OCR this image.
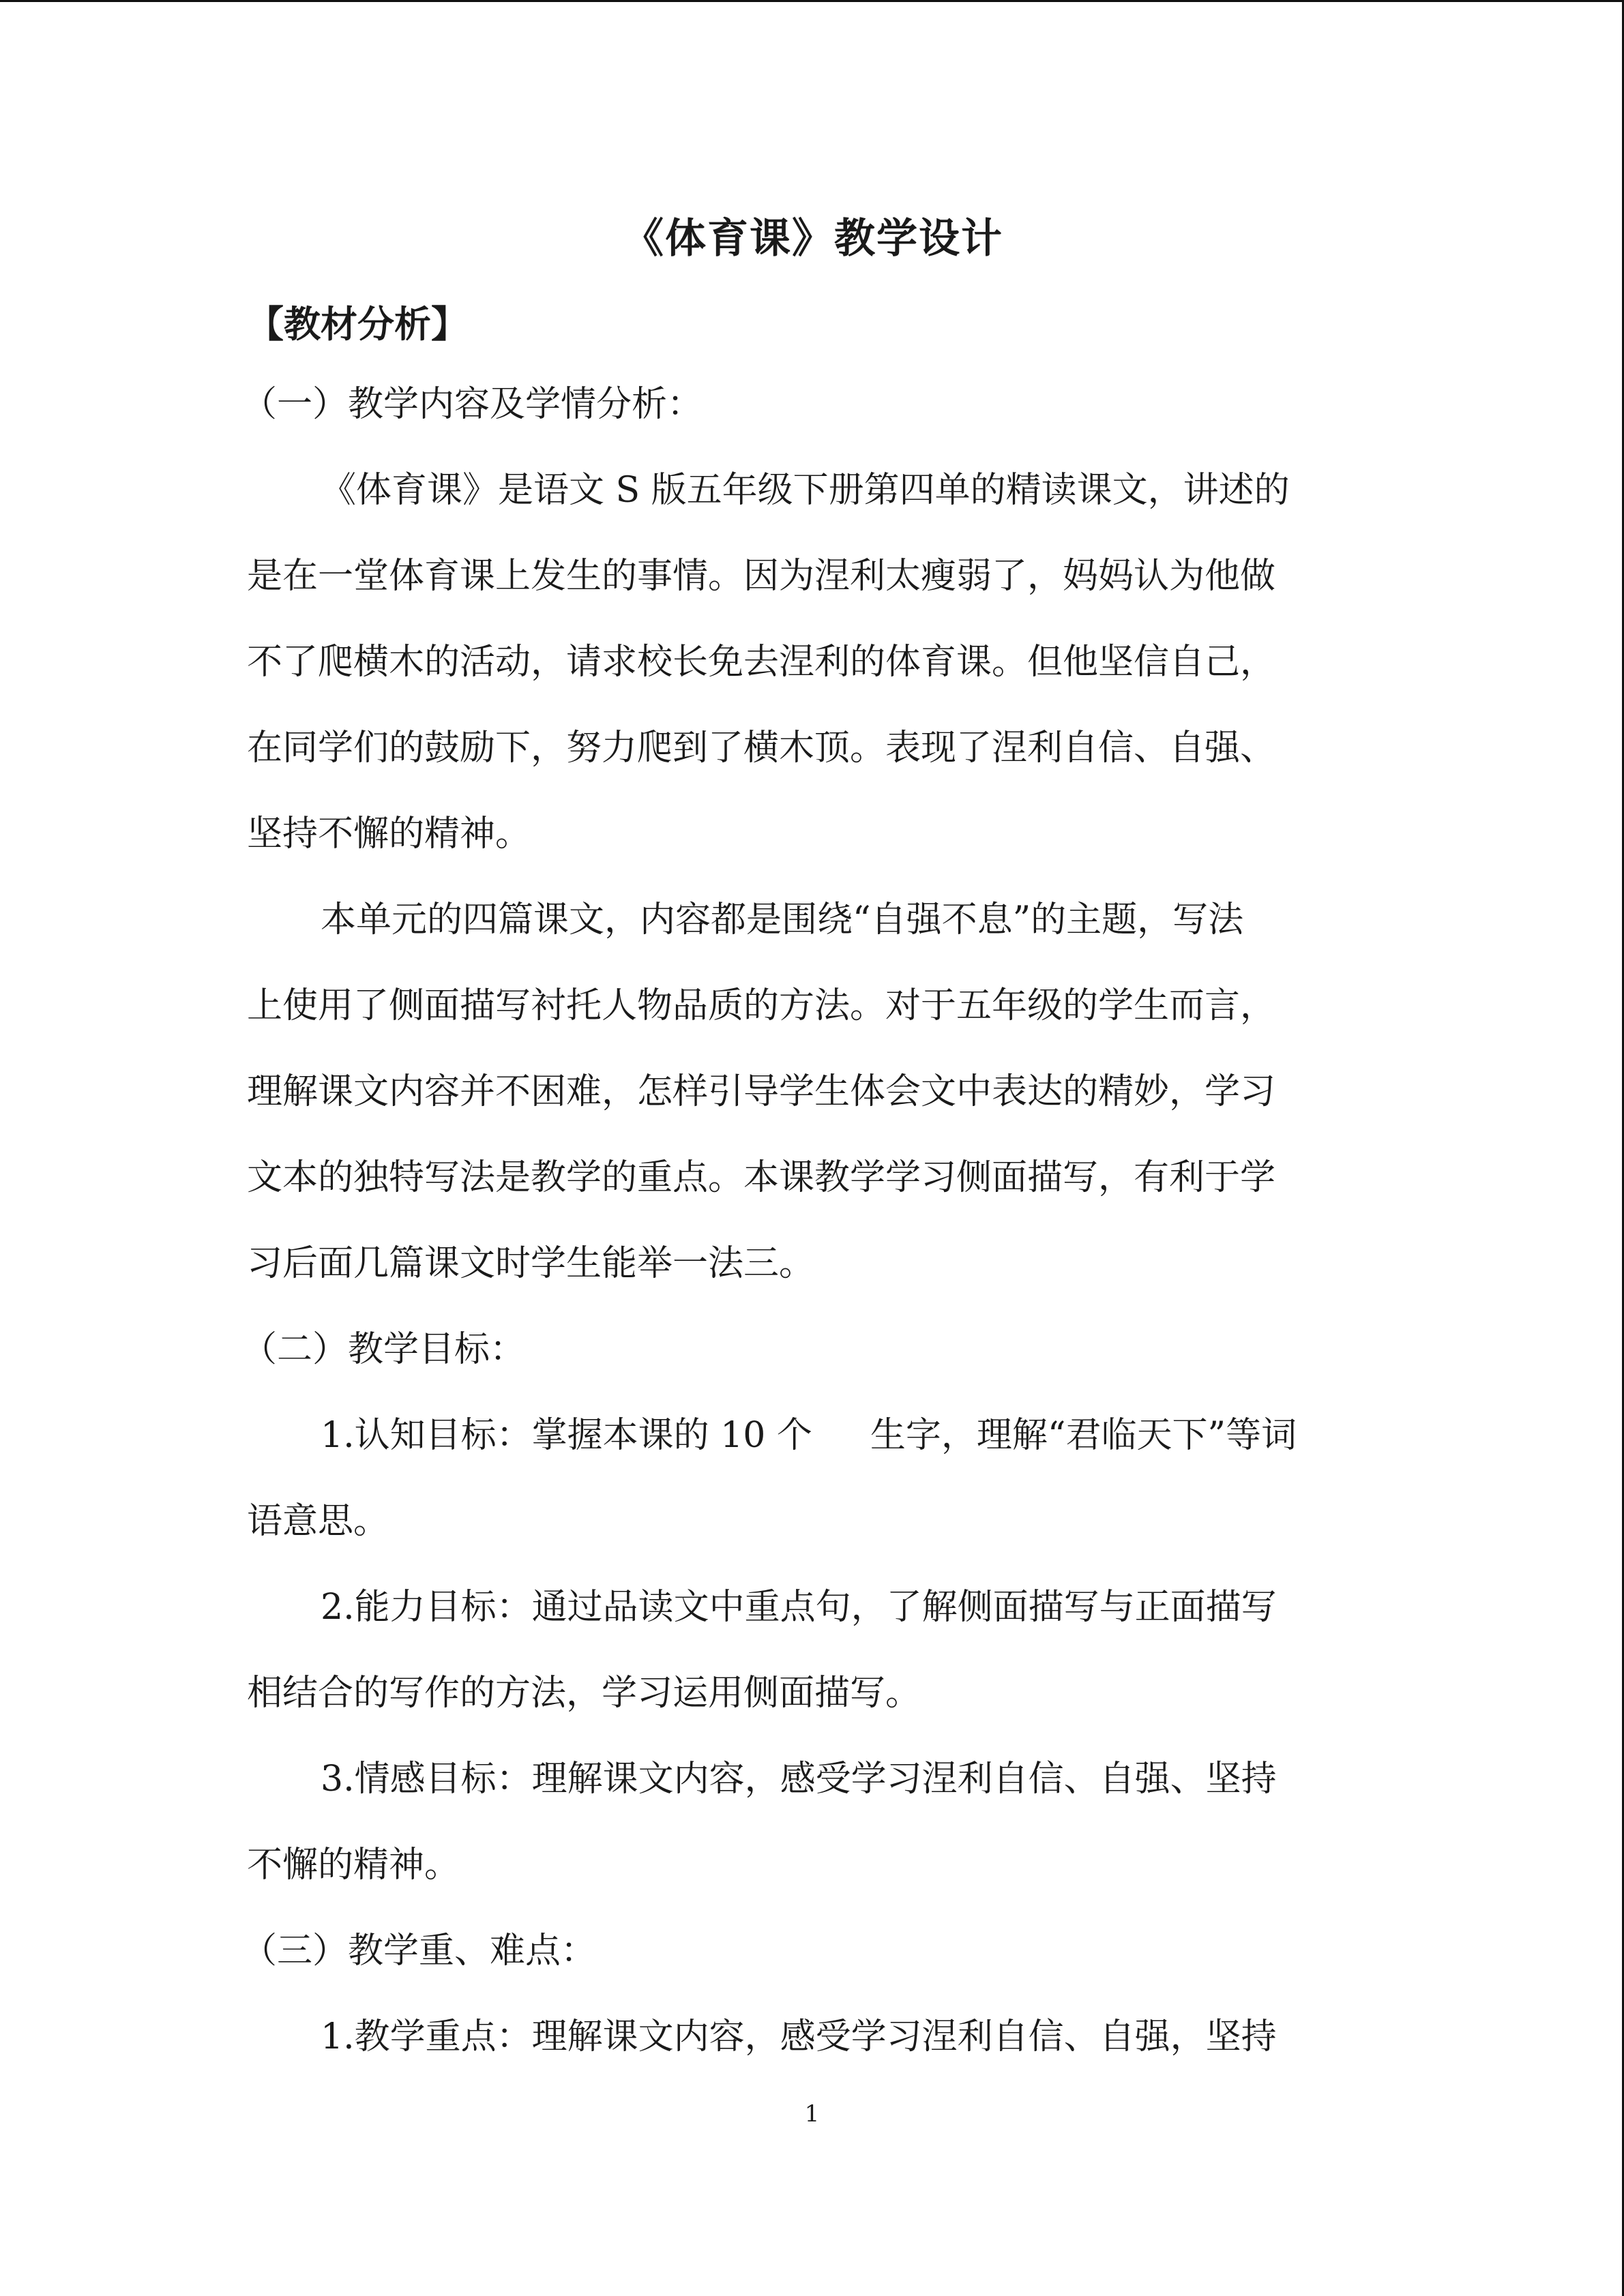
《体育课》教学设计
【教材分析】
（一）教学内容及学情分析：

《体育课》是语文 S 版五年级下册第四单的精读课文，讲述的
是在一堂体育课上发生的事情。因为涅利太瘦弱了，妈妈认为他做
不了爬横木的活动，请求校长免去涅利的体育课。但他坚信自己，
在同学们的鼓励下，努力爬到了横木顶。表现了涅利自信、自强、
坚持不懈的精神。

本单元的四篇课文，内容都是围绕“自强不息”的主题，写法
上使用了侧面描写衬托人物品质的方法。对于五年级的学生而言，
理解课文内容并不困难，怎样引导学生体会文中表达的精妙，学习
文本的独特写法是教学的重点。本课教学学习侧面描写，有利于学
习后面几篇课文时学生能举一法三。

（二）教学目标：

1.认知目标：掌握本课的 10 个　  生字，理解“君临天下”等词
语意思。

2.能力目标：通过品读文中重点句，了解侧面描写与正面描写
相结合的写作的方法，学习运用侧面描写。

3.情感目标：理解课文内容，感受学习涅利自信、自强、坚持
不懈的精神。

（三）教学重、难点：

1.教学重点：理解课文内容，感受学习涅利自信、自强，坚持

1
